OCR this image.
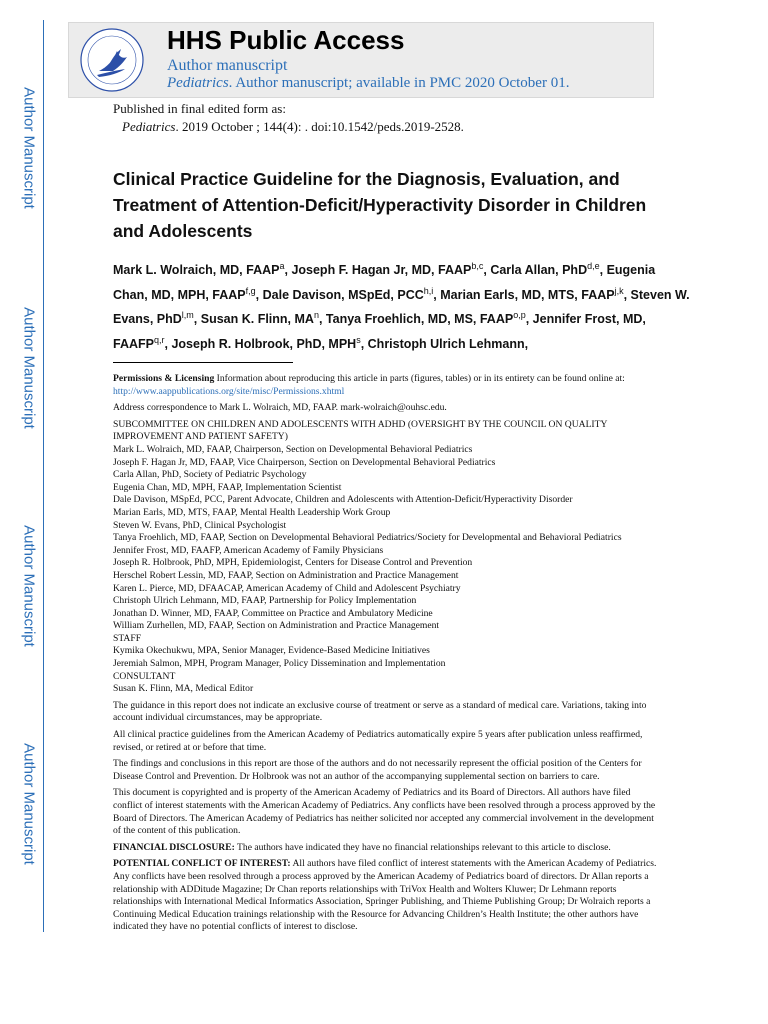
Author Manuscript
Author Manuscript
Author Manuscript
Author Manuscript
HHS Public Access
Author manuscript
Pediatrics. Author manuscript; available in PMC 2020 October 01.
Published in final edited form as:
Pediatrics. 2019 October ; 144(4): . doi:10.1542/peds.2019-2528.
Clinical Practice Guideline for the Diagnosis, Evaluation, and Treatment of Attention-Deficit/Hyperactivity Disorder in Children and Adolescents
Mark L. Wolraich, MD, FAAP$^a$, Joseph F. Hagan Jr, MD, FAAP$^{b,c}$, Carla Allan, PhD$^{d,e}$, Eugenia Chan, MD, MPH, FAAP$^{f,g}$, Dale Davison, MSpEd, PCC$^{h,i}$, Marian Earls, MD, MTS, FAAP$^{j,k}$, Steven W. Evans, PhD$^{l,m}$, Susan K. Flinn, $MA^n$, Tanya Froehlich, MD, MS, FAAP$^{o,p}$, Jennifer Frost, MD, FAAFP$^{q,r}$, Joseph R. Holbrook, PhD, MPH$^s$, Christoph Ulrich Lehmann,

Permissions & Licensing Information about reproducing this article in parts (figures, tables) or in its entirety can be found online at:
http://www.aappublications.org/site/misc/Permissions.xhtml

Address correspondence to Mark L. Wolraich, MD, FAAP. mark-wolraich@ouhsc.edu.

SUBCOMMITTEE ON CHILDREN AND ADOLESCENTS WITH ADHD (OVERSIGHT BY THE COUNCIL ON QUALITY IMPROVEMENT AND PATIENT SAFETY)

Mark L. Wolraich, MD, FAAP, Chairperson, Section on Developmental Behavioral Pediatrics
Joseph F. Hagan Jr, MD, FAAP, Vice Chairperson, Section on Developmental Behavioral Pediatrics
Carla Allan, PhD, Society of Pediatric Psychology
Eugenia Chan, MD, MPH, FAAP, Implementation Scientist
Dale Davison, MSpEd, PCC, Parent Advocate, Children and Adolescents with Attention-Deficit/Hyperactivity Disorder
Marian Earls, MD, MTS, FAAP, Mental Health Leadership Work Group
Steven W. Evans, PhD, Clinical Psychologist
Tanya Froehlich, MD, FAAP, Section on Developmental Behavioral Pediatrics/Society for Developmental and Behavioral Pediatrics
Jennifer Frost, MD, FAAFP, American Academy of Family Physicians
Joseph R. Holbrook, PhD, MPH, Epidemiologist, Centers for Disease Control and Prevention
Herschel Robert Lessin, MD, FAAP, Section on Administration and Practice Management
Karen L. Pierce, MD, DFAACAP, American Academy of Child and Adolescent Psychiatry
Christoph Ulrich Lehmann, MD, FAAP, Partnership for Policy Implementation
Jonathan D. Winner, MD, FAAP, Committee on Practice and Ambulatory Medicine
William Zurhellen, MD, FAAP, Section on Administration and Practice Management

STAFF

Kymika Okechukwu, MPA, Senior Manager, Evidence-Based Medicine Initiatives
Jeremiah Salmon, MPH, Program Manager, Policy Dissemination and Implementation

CONSULTANT

Susan K. Flinn, MA, Medical Editor

The guidance in this report does not indicate an exclusive course of treatment or serve as a standard of medical care. Variations, taking into account individual circumstances, may be appropriate.

All clinical practice guidelines from the American Academy of Pediatrics automatically expire 5 years after publication unless reaffirmed, revised, or retired at or before that time.

The findings and conclusions in this report are those of the authors and do not necessarily represent the official position of the Centers for Disease Control and Prevention. Dr Holbrook was not an author of the accompanying supplemental section on barriers to care.

This document is copyrighted and is property of the American Academy of Pediatrics and its Board of Directors. All authors have filed conflict of interest statements with the American Academy of Pediatrics. Any conflicts have been resolved through a process approved by the Board of Directors. The American Academy of Pediatrics has neither solicited nor accepted any commercial involvement in the development of the content of this publication.

FINANCIAL DISCLOSURE: The authors have indicated they have no financial relationships relevant to this article to disclose.

POTENTIAL CONFLICT OF INTEREST: All authors have filed conflict of interest statements with the American Academy of Pediatrics. Any conflicts have been resolved through a process approved by the American Academy of Pediatrics board of directors. Dr Allan reports a relationship with ADDitude Magazine; Dr Chan reports relationships with TriVox Health and Wolters Kluwer; Dr Lehmann reports relationships with International Medical Informatics Association, Springer Publishing, and Thieme Publishing Group; Dr Wolraich reports a Continuing Medical Education trainings relationship with the Resource for Advancing Children’s Health Institute; the other authors have indicated they have no potential conflicts of interest to disclose.
